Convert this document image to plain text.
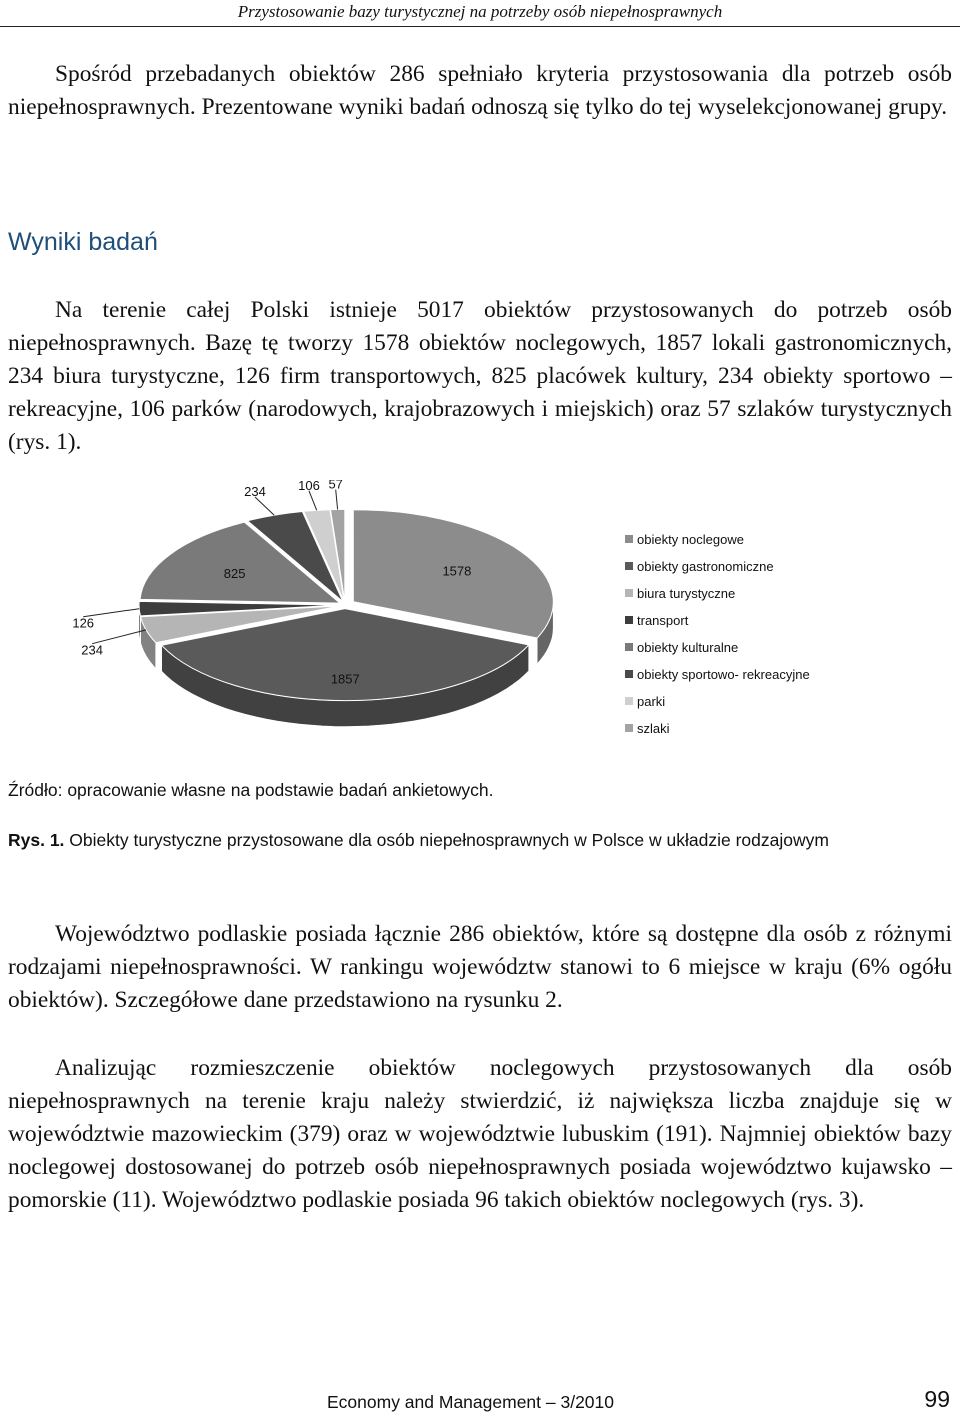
Przystosowanie bazy turystycznej na potrzeby osób niepełnosprawnych

Spośród przebadanych obiektów 286 spełniało kryteria przystosowania dla potrzeb osób niepełnosprawnych. Prezentowane wyniki badań odnoszą się tylko do tej wyselekcjonowanej grupy.

Wyniki badań

Na terenie całej Polski istnieje 5017 obiektów przystosowanych do potrzeb osób niepełnosprawnych. Bazę tę tworzy 1578 obiektów noclegowych, 1857 lokali gastronomicznych, 234 biura turystyczne, 126 firm transportowych, 825 placówek kultury, 234 obiekty sportowo – rekreacyjne, 106 parków (narodowych, krajobrazowych i miejskich) oraz 57 szlaków turystycznych (rys. 1).

1578
1857
234
126
825
234 106 57
obiekty noclegowe
obiekty gastronomiczne
biura turystyczne
transport
obiekty kulturalne
obiekty sportowo- rekreacyjne
parki
szlaki

Źródło: opracowanie własne na podstawie badań ankietowych.

Rys. 1. Obiekty turystyczne przystosowane dla osób niepełnosprawnych w Polsce w układzie rodzajowym

Województwo podlaskie posiada łącznie 286 obiektów, które są dostępne dla osób z różnymi rodzajami niepełnosprawności. W rankingu województw stanowi to 6 miejsce w kraju (6% ogółu obiektów). Szczegółowe dane przedstawiono na rysunku 2.

Analizując rozmieszczenie obiektów noclegowych przystosowanych dla osób niepełnosprawnych na terenie kraju należy stwierdzić, iż największa liczba znajduje się w województwie mazowieckim (379) oraz w województwie lubuskim (191). Najmniej obiektów bazy noclegowej dostosowanej do potrzeb osób niepełnosprawnych posiada województwo kujawsko – pomorskie (11). Województwo podlaskie posiada 96 takich obiektów noclegowych (rys. 3).

Economy and Management – 3/2010	99
